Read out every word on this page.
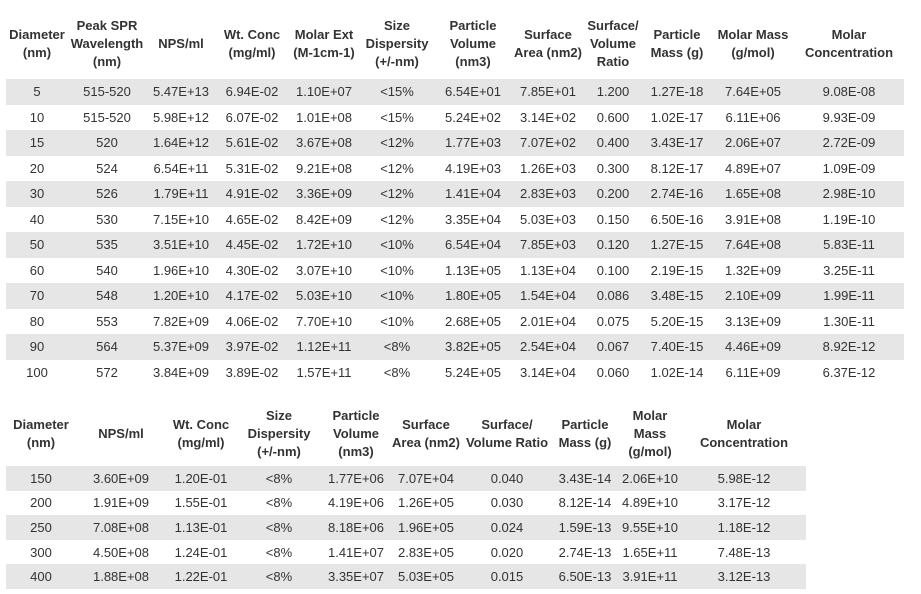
Diameter
(nm)	Peak SPR
Wavelength
(nm)	NPS/ml	Wt. Conc
(mg/ml)	Molar Ext
(M-1cm-1)	Size
Dispersity
(+/-nm)	Particle
Volume
(nm3)	Surface
Area (nm2)	Surface/
Volume
Ratio	Particle
Mass (g)	Molar Mass
(g/mol)	Molar
Concentration
5	515-520	5.47E+13	6.94E-02	1.10E+07	<15%	6.54E+01	7.85E+01	1.200	1.27E-18	7.64E+05	9.08E-08
10	515-520	5.98E+12	6.07E-02	1.01E+08	<15%	5.24E+02	3.14E+02	0.600	1.02E-17	6.11E+06	9.93E-09
15	520	1.64E+12	5.61E-02	3.67E+08	<12%	1.77E+03	7.07E+02	0.400	3.43E-17	2.06E+07	2.72E-09
20	524	6.54E+11	5.31E-02	9.21E+08	<12%	4.19E+03	1.26E+03	0.300	8.12E-17	4.89E+07	1.09E-09
30	526	1.79E+11	4.91E-02	3.36E+09	<12%	1.41E+04	2.83E+03	0.200	2.74E-16	1.65E+08	2.98E-10
40	530	7.15E+10	4.65E-02	8.42E+09	<12%	3.35E+04	5.03E+03	0.150	6.50E-16	3.91E+08	1.19E-10
50	535	3.51E+10	4.45E-02	1.72E+10	<10%	6.54E+04	7.85E+03	0.120	1.27E-15	7.64E+08	5.83E-11
60	540	1.96E+10	4.30E-02	3.07E+10	<10%	1.13E+05	1.13E+04	0.100	2.19E-15	1.32E+09	3.25E-11
70	548	1.20E+10	4.17E-02	5.03E+10	<10%	1.80E+05	1.54E+04	0.086	3.48E-15	2.10E+09	1.99E-11
80	553	7.82E+09	4.06E-02	7.70E+10	<10%	2.68E+05	2.01E+04	0.075	5.20E-15	3.13E+09	1.30E-11
90	564	5.37E+09	3.97E-02	1.12E+11	<8%	3.82E+05	2.54E+04	0.067	7.40E-15	4.46E+09	8.92E-12
100	572	3.84E+09	3.89E-02	1.57E+11	<8%	5.24E+05	3.14E+04	0.060	1.02E-14	6.11E+09	6.37E-12
Diameter
(nm)	NPS/ml	Wt. Conc
(mg/ml)	Size
Dispersity
(+/-nm)	Particle
Volume
(nm3)	Surface
Area (nm2)	Surface/
Volume Ratio	Particle
Mass (g)	Molar
Mass
(g/mol)	Molar
Concentration
150	3.60E+09	1.20E-01	<8%	1.77E+06	7.07E+04	0.040	3.43E-14	2.06E+10	5.98E-12
200	1.91E+09	1.55E-01	<8%	4.19E+06	1.26E+05	0.030	8.12E-14	4.89E+10	3.17E-12
250	7.08E+08	1.13E-01	<8%	8.18E+06	1.96E+05	0.024	1.59E-13	9.55E+10	1.18E-12
300	4.50E+08	1.24E-01	<8%	1.41E+07	2.83E+05	0.020	2.74E-13	1.65E+11	7.48E-13
400	1.88E+08	1.22E-01	<8%	3.35E+07	5.03E+05	0.015	6.50E-13	3.91E+11	3.12E-13
